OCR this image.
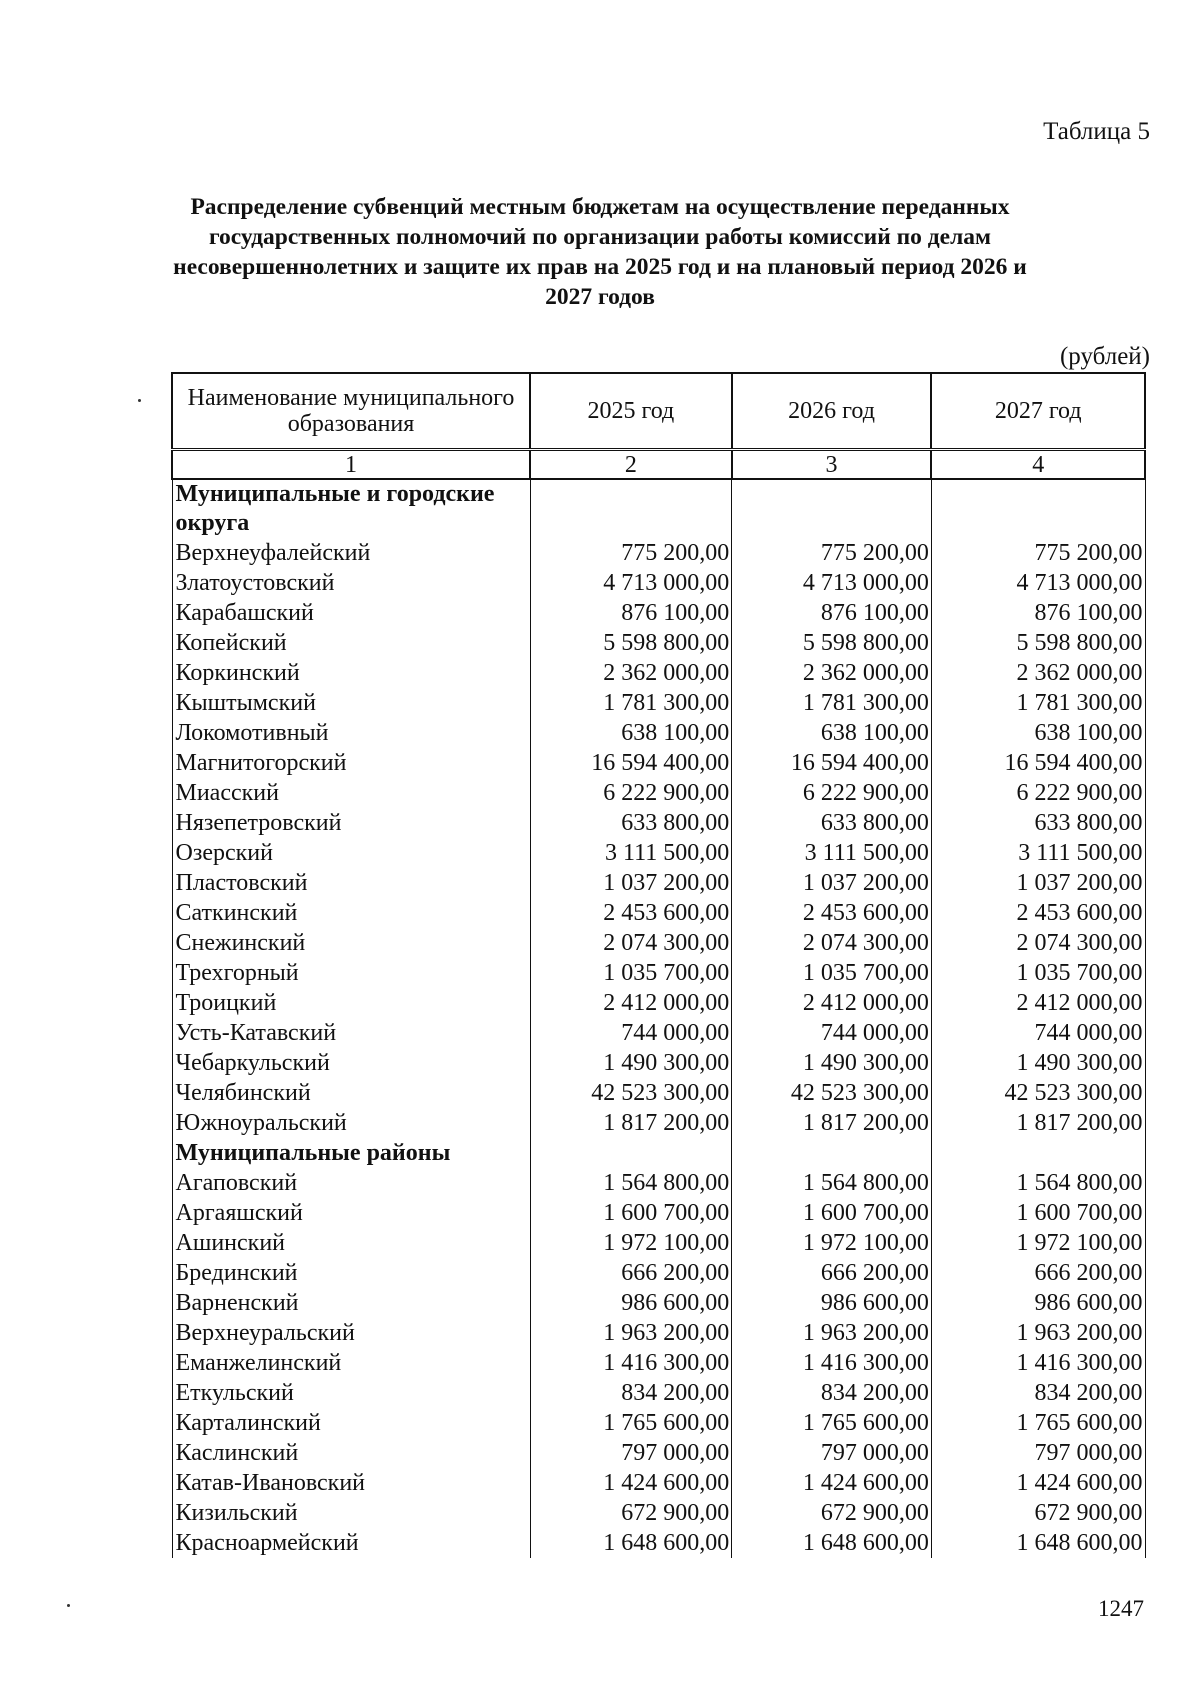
Таблица 5
Распределение субвенций местным бюджетам на осуществление переданных государственных полномочий по организации работы комиссий по делам несовершеннолетних и защите их прав на 2025 год и на плановый период 2026 и 2027 годов
(рублей)
Наименование муниципального образования	2025 год	2026 год	2027 год
1	2	3	4
Муниципальные и городские округа			
Верхнеуфалейский	775 200,00	775 200,00	775 200,00
Златоустовский	4 713 000,00	4 713 000,00	4 713 000,00
Карабашский	876 100,00	876 100,00	876 100,00
Копейский	5 598 800,00	5 598 800,00	5 598 800,00
Коркинский	2 362 000,00	2 362 000,00	2 362 000,00
Кыштымский	1 781 300,00	1 781 300,00	1 781 300,00
Локомотивный	638 100,00	638 100,00	638 100,00
Магнитогорский	16 594 400,00	16 594 400,00	16 594 400,00
Миасский	6 222 900,00	6 222 900,00	6 222 900,00
Нязепетровский	633 800,00	633 800,00	633 800,00
Озерский	3 111 500,00	3 111 500,00	3 111 500,00
Пластовский	1 037 200,00	1 037 200,00	1 037 200,00
Саткинский	2 453 600,00	2 453 600,00	2 453 600,00
Снежинский	2 074 300,00	2 074 300,00	2 074 300,00
Трехгорный	1 035 700,00	1 035 700,00	1 035 700,00
Троицкий	2 412 000,00	2 412 000,00	2 412 000,00
Усть-Катавский	744 000,00	744 000,00	744 000,00
Чебаркульский	1 490 300,00	1 490 300,00	1 490 300,00
Челябинский	42 523 300,00	42 523 300,00	42 523 300,00
Южноуральский	1 817 200,00	1 817 200,00	1 817 200,00
Муниципальные районы			
Агаповский	1 564 800,00	1 564 800,00	1 564 800,00
Аргаяшский	1 600 700,00	1 600 700,00	1 600 700,00
Ашинский	1 972 100,00	1 972 100,00	1 972 100,00
Брединский	666 200,00	666 200,00	666 200,00
Варненский	986 600,00	986 600,00	986 600,00
Верхнеуральский	1 963 200,00	1 963 200,00	1 963 200,00
Еманжелинский	1 416 300,00	1 416 300,00	1 416 300,00
Еткульский	834 200,00	834 200,00	834 200,00
Карталинский	1 765 600,00	1 765 600,00	1 765 600,00
Каслинский	797 000,00	797 000,00	797 000,00
Катав-Ивановский	1 424 600,00	1 424 600,00	1 424 600,00
Кизильский	672 900,00	672 900,00	672 900,00
Красноармейский	1 648 600,00	1 648 600,00	1 648 600,00
1247
